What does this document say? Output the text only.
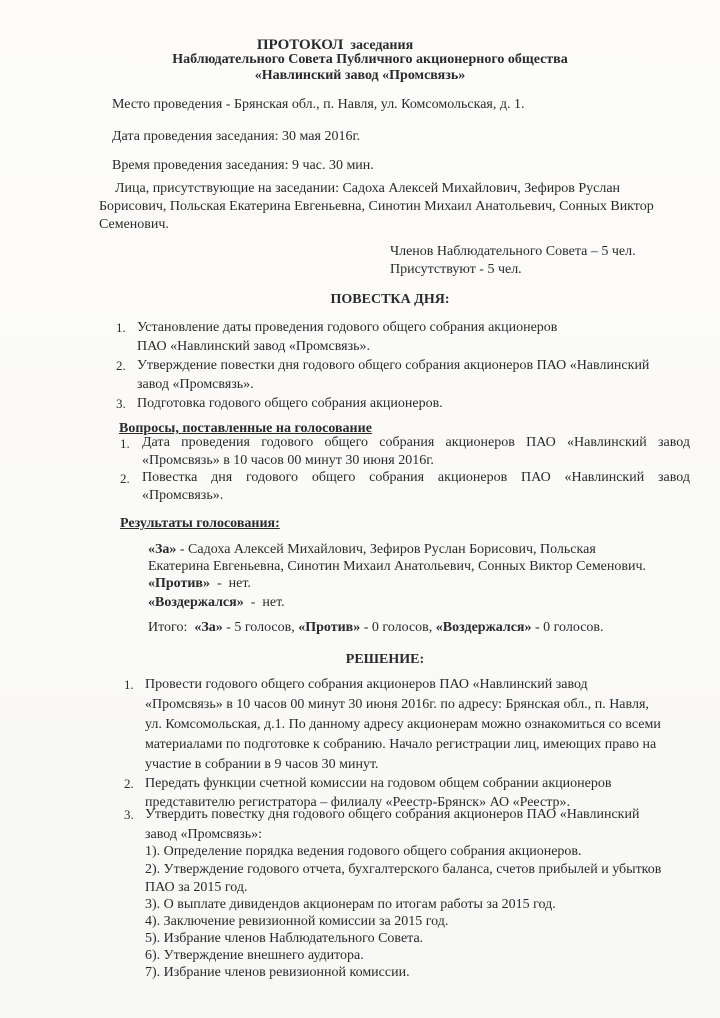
ПРОТОКОЛ заседания
Наблюдательного Совета Публичного акционерного общества
«Навлинский завод «Промсвязь»
Место проведения - Брянская обл., п. Навля, ул. Комсомольская, д. 1.
Дата проведения заседания: 30 мая 2016г.
Время проведения заседания: 9 час. 30 мин.
Лица, присутствующие на заседании: Садоха Алексей Михайлович, Зефиров Руслан
Борисович, Польская Екатерина Евгеньевна, Синотин Михаил Анатольевич, Сонных Виктор
Семенович.
Членов Наблюдательного Совета – 5 чел.
Присутствуют - 5 чел.
ПОВЕСТКА ДНЯ:
1. Установление даты проведения годового общего собрания акционеров
ПАО «Навлинский завод «Промсвязь».
2. Утверждение повестки дня годового общего собрания акционеров ПАО «Навлинский
завод «Промсвязь».
3. Подготовка годового общего собрания акционеров.
Вопросы, поставленные на голосование
1. Дата проведения годового общего собрания акционеров ПАО «Навлинский завод
«Промсвязь» в 10 часов 00 минут 30 июня 2016г.
2. Повестка дня годового общего собрания акционеров ПАО «Навлинский завод
«Промсвязь».
Результаты голосования:
«За» - Садоха Алексей Михайлович, Зефиров Руслан Борисович, Польская
Екатерина Евгеньевна, Синотин Михаил Анатольевич, Сонных Виктор Семенович.
«Против»  -  нет.
«Воздержался»  -  нет.
Итого:  «За» - 5 голосов, «Против» - 0 голосов, «Воздержался» - 0 голосов.
РЕШЕНИЕ:
1. Провести годового общего собрания акционеров ПАО «Навлинский завод
«Промсвязь» в 10 часов 00 минут 30 июня 2016г. по адресу: Брянская обл., п. Навля,
ул. Комсомольская, д.1. По данному адресу акционерам можно ознакомиться со всеми
материалами по подготовке к собранию. Начало регистрации лиц, имеющих право на
участие в собрании в 9 часов 30 минут.
2. Передать функции счетной комиссии на годовом общем собрании акционеров
представителю регистратора – филиалу «Реестр-Брянск» АО «Реестр».
3. Утвердить повестку дня годового общего собрания акционеров ПАО «Навлинский
завод «Промсвязь»:
1). Определение порядка ведения годового общего собрания акционеров.
2). Утверждение годового отчета, бухгалтерского баланса, счетов прибылей и убытков
ПАО за 2015 год.
3). О выплате дивидендов акционерам по итогам работы за 2015 год.
4). Заключение ревизионной комиссии за 2015 год.
5). Избрание членов Наблюдательного Совета.
6). Утверждение внешнего аудитора.
7). Избрание членов ревизионной комиссии.
